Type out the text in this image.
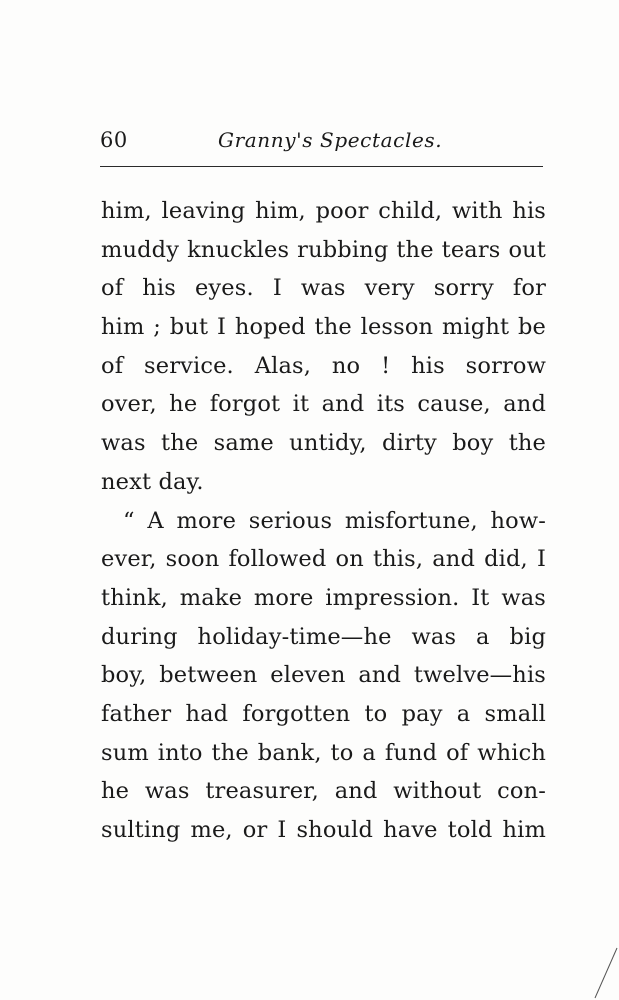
60	Granny's Spectacles.
him, leaving him, poor child, with his
muddy knuckles rubbing the tears out
of his eyes. I was very sorry for
him ; but I hoped the lesson might be
of service. Alas, no ! his sorrow
over, he forgot it and its cause, and
was the same untidy, dirty boy the
next day.
“ A more serious misfortune, how-
ever, soon followed on this, and did, I
think, make more impression. It was
during holiday-time—he was a big
boy, between eleven and twelve—his
father had forgotten to pay a small
sum into the bank, to a fund of which
he was treasurer, and without con-
sulting me, or I should have told him
